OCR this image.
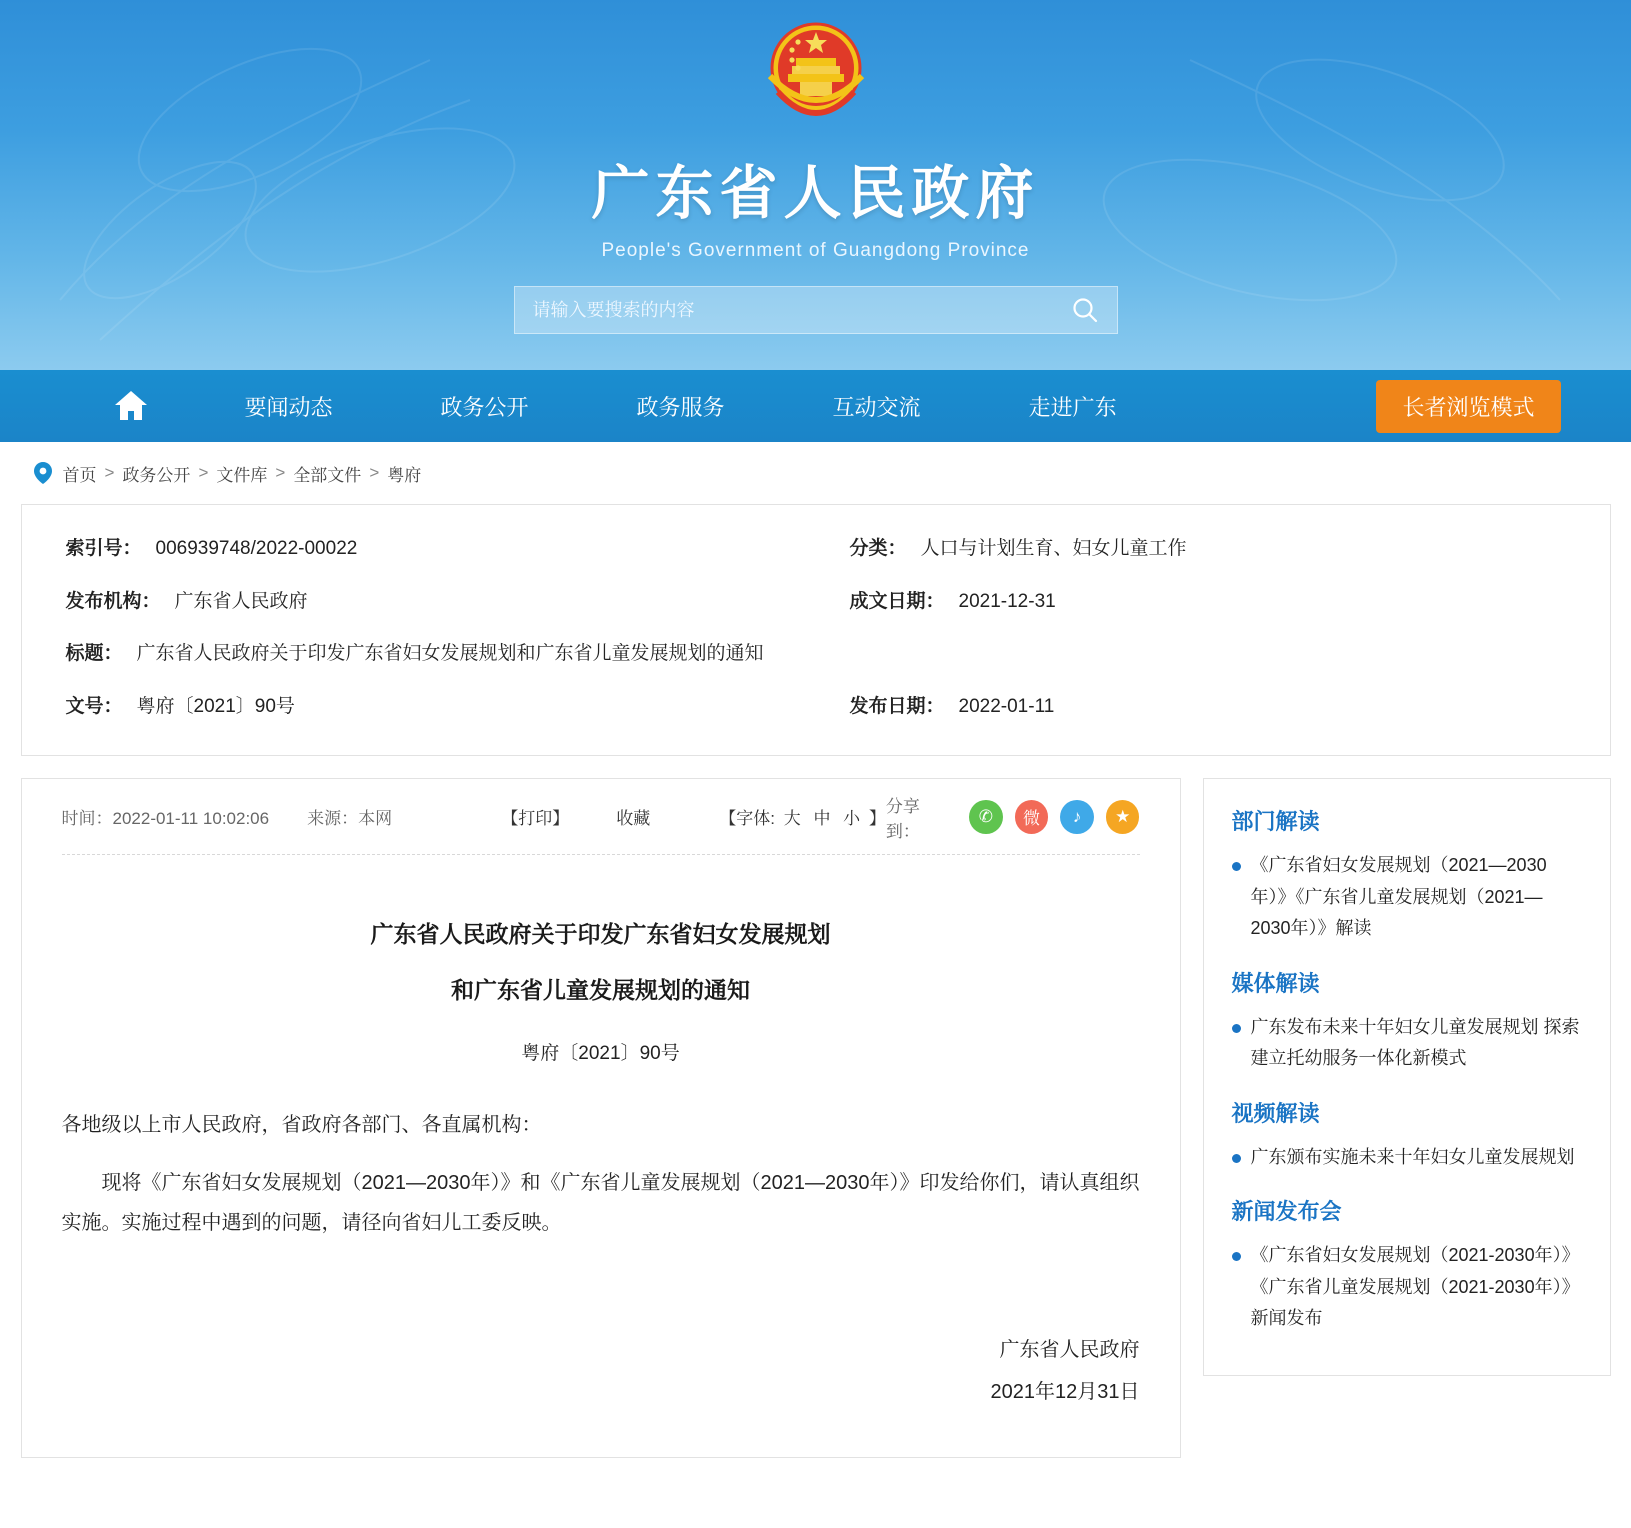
广东省人民政府
People's Government of Guangdong Province
请输入要搜索的内容
要闻动态	政务公开	政务服务	互动交流	走进广东	长者浏览模式
首页 > 政务公开 > 文件库 > 全部文件 > 粤府
索引号： 006939748/2022-00022	分类： 人口与计划生育、妇女儿童工作
发布机构： 广东省人民政府	成文日期： 2021-12-31
标题： 广东省人民政府关于印发广东省妇女发展规划和广东省儿童发展规划的通知
文号： 粤府〔2021〕90号	发布日期： 2022-01-11
时间：2022-01-11 10:02:06	来源：本网	【打印】	收藏	【字体: 大 中 小 】
分享到：
✆	微	♪	★
广东省人民政府关于印发广东省妇女发展规划
和广东省儿童发展规划的通知
粤府〔2021〕90号
各地级以上市人民政府，省政府各部门、各直属机构：
现将《广东省妇女发展规划（2021—2030年）》和《广东省儿童发展规划（2021—2030年）》印发给你们，请认真组织实施。实施过程中遇到的问题，请径向省妇儿工委反映。
广东省人民政府
2021年12月31日
部门解读
《广东省妇女发展规划（2021—2030年）》《广东省儿童发展规划（2021—2030年）》解读
媒体解读
广东发布未来十年妇女儿童发展规划 探索建立托幼服务一体化新模式
视频解读
广东颁布实施未来十年妇女儿童发展规划
新闻发布会
《广东省妇女发展规划（2021-2030年）》《广东省儿童发展规划（2021-2030年）》新闻发布
